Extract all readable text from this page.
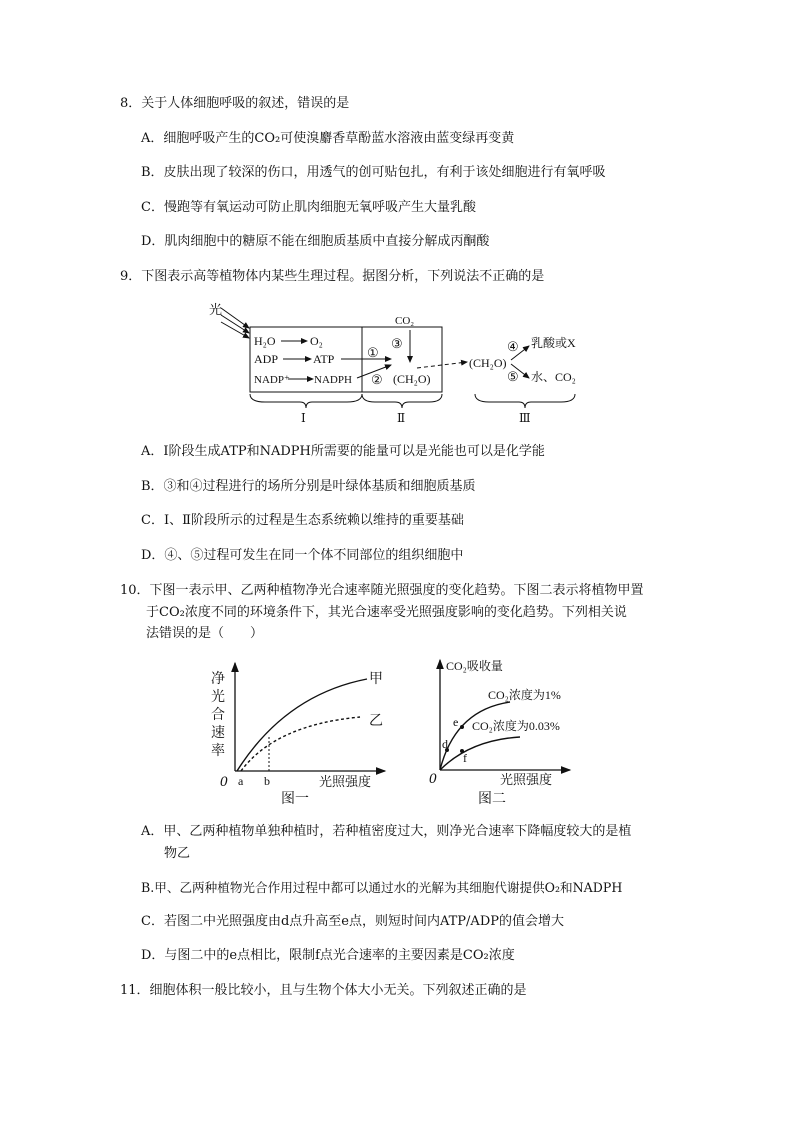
8．关于人体细胞呼吸的叙述，错误的是
A．细胞呼吸产生的CO₂可使溴麝香草酚蓝水溶液由蓝变绿再变黄
B．皮肤出现了较深的伤口，用透气的创可贴包扎，有利于该处细胞进行有氧呼吸
C．慢跑等有氧运动可防止肌肉细胞无氧呼吸产生大量乳酸
D．肌肉细胞中的糖原不能在细胞质基质中直接分解成丙酮酸
9．下图表示高等植物体内某些生理过程。据图分析，下列说法不正确的是
光
H₂O	O₂
ADP	ATP
NADP⁺ NADPH
①
②
CO₂
③
(CH₂O)
(CH₂O)
④
⑤
乳酸或X
水、CO₂
Ⅰ	Ⅱ	Ⅲ
A．Ⅰ阶段生成ATP和NADPH所需要的能量可以是光能也可以是化学能
B．③和④过程进行的场所分别是叶绿体基质和细胞质基质
C．Ⅰ、Ⅱ阶段所示的过程是生态系统赖以维持的重要基础
D．④、⑤过程可发生在同一个体不同部位的组织细胞中
10．下图一表示甲、乙两种植物净光合速率随光照强度的变化趋势。下图二表示将植物甲置
于CO₂浓度不同的环境条件下，其光合速率受光照强度影响的变化趋势。下列相关说
法错误的是（　　）
净
光
合
速
率
0 a b	光照强度
图一
甲
乙
CO₂吸收量
0	光照强度
图二
d
e
f
CO₂浓度为1%
CO₂浓度为0.03%
A．甲、乙两种植物单独种植时，若种植密度过大，则净光合速率下降幅度较大的是植
物乙
B.甲、乙两种植物光合作用过程中都可以通过水的光解为其细胞代谢提供O₂和NADPH
C．若图二中光照强度由d点升高至e点，则短时间内ATP/ADP的值会增大
D．与图二中的e点相比，限制f点光合速率的主要因素是CO₂浓度
11．细胞体积一般比较小，且与生物个体大小无关。下列叙述正确的是
